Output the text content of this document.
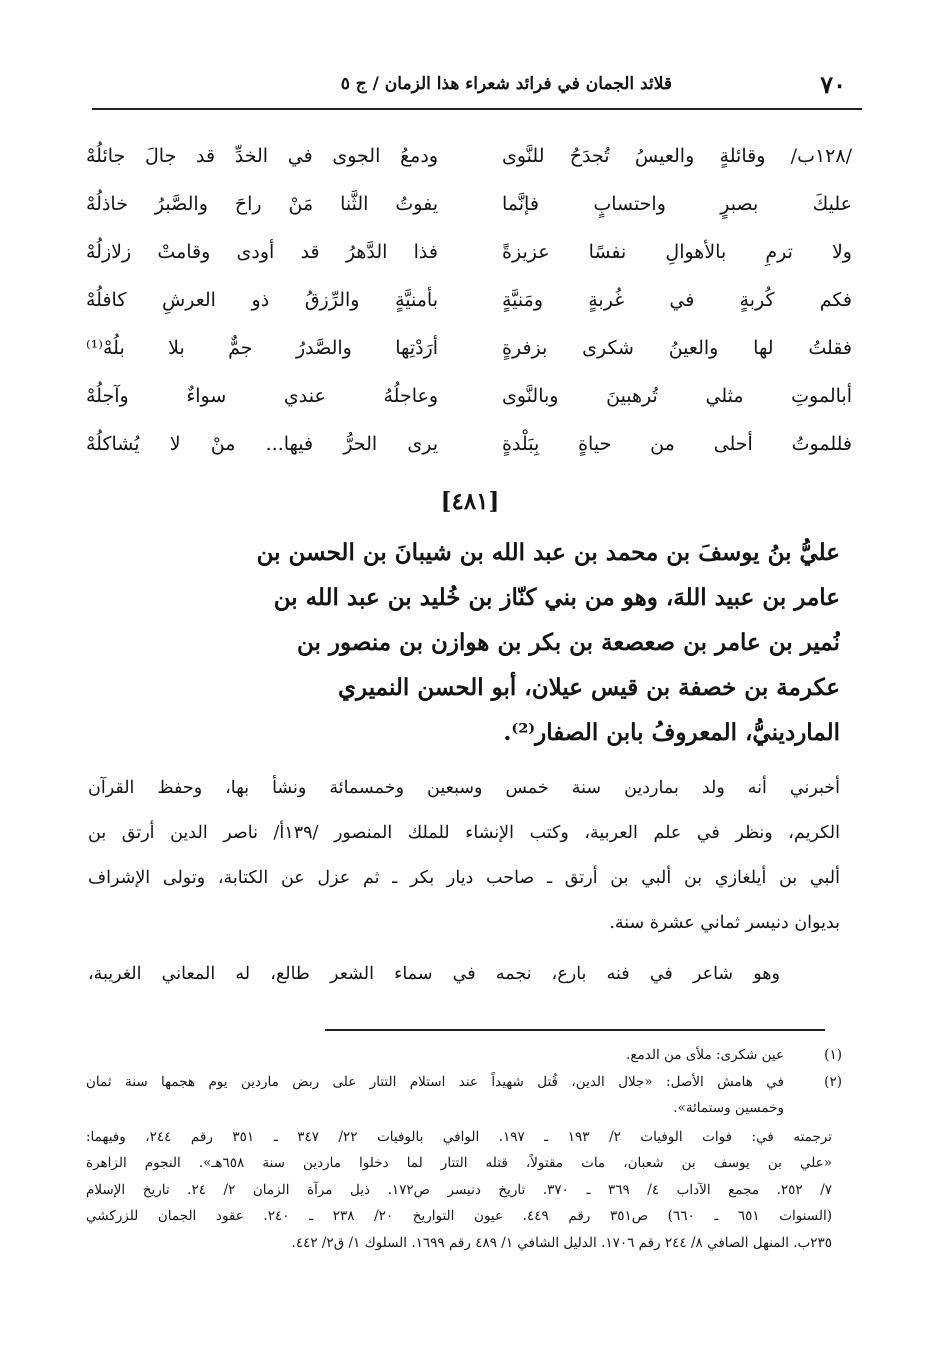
٧٠
قلائد الجمان في فرائد شعراء هذا الزمان / ج ٥
/١٢٨ب/ وقائلةٍ والعيسُ تُجدَحُ للنَّوى
ودمعُ الجوى في الخدِّ قد جالَ جائلُهْ
عليكَ بصبرٍ واحتسابٍ فإنَّما
يفوتُ الثَّنا مَنْ راحَ والصَّبرُ خاذلُهْ
ولا ترمِ بالأهوالِ نفسًا عزيزةً
فذا الدَّهرُ قد أودى وقامتْ زلازلُهْ
فكم كُربةٍ في غُربةٍ ومَنيَّةٍ
بأمنيَّةٍ والرِّزقُ ذو العرشِ كافلُهْ
فقلتُ لها والعينُ شكرى بزفرةٍ
أرَدْتِها والصَّدرُ جمٌّ بلا بلُهْ⁽¹⁾
أبالموتِ مثلي تُرهبينَ وبالنَّوى
وعاجلُهُ عندي سواءٌ وآجلُهْ
فللموتُ أحلى من حياةٍ بِبَلْدةٍ
يرى الحرُّ فيها... منْ لا يُشاكلُهْ
[٤٨١]
عليُّ بنُ يوسفَ بن محمد بن عبد الله بن شيبانَ بن الحسن بن
عامر بن عبيد اللهَ، وهو من بني كنّاز بن خُليد بن عبد الله بن
نُمير بن عامر بن صعصعة بن بكر بن هوازن بن منصور بن
عكرمة بن خصفة بن قيس عيلان، أبو الحسن النميري
الماردينيُّ، المعروفُ بابن الصفار⁽²⁾.
أخبرني أنه ولد بماردين سنة خمس وسبعين وخمسمائة ونشأ بها، وحفظ القرآن
الكريم، ونظر في علم العربية، وكتب الإنشاء للملك المنصور /١٣٩أ/ ناصر الدين أرتق بن
ألبي بن أيلغازي بن ألبي بن أرتق ـ صاحب ديار بكر ـ ثم عزل عن الكتابة، وتولى الإشراف
بديوان دنيسر ثماني عشرة سنة.
وهو شاعر في فنه بارع، نجمه في سماء الشعر طالع، له المعاني الغريبة،
(١)
عين شكرى: ملأى من الدمع.
(٢)
في هامش الأصل: «جلال الدين، قُتل شهيداً عند استلام التتار على ربض ماردين يوم هجمها سنة ثمان
وخمسين وستمائة».
ترجمته في: فوات الوفيات ٢/ ١٩٣ ـ ١٩٧. الوافي بالوفيات ٢٢/ ٣٤٧ ـ ٣٥١ رقم ٢٤٤، وفيهما:
«علي بن يوسف بن شعبان، مات مقتولاً، قتله التتار لما دخلوا ماردين سنة ٦٥٨هـ». النجوم الزاهرة
٧/ ٢٥٢. مجمع الآداب ٤/ ٣٦٩ ـ ٣٧٠. تاريخ دنيسر ص١٧٢. ذيل مرآة الزمان ٢/ ٢٤. تاريخ الإسلام
(السنوات ٦٥١ ـ ٦٦٠) ص٣٥١ رقم ٤٤٩. عيون التواريخ ٢٠/ ٢٣٨ ـ ٢٤٠. عقود الجمان للزركشي
٢٣٥ب. المنهل الصافي ٨/ ٢٤٤ رقم ١٧٠٦. الدليل الشافي ١/ ٤٨٩ رقم ١٦٩٩. السلوك ١/ ق٢/ ٤٤٢.
